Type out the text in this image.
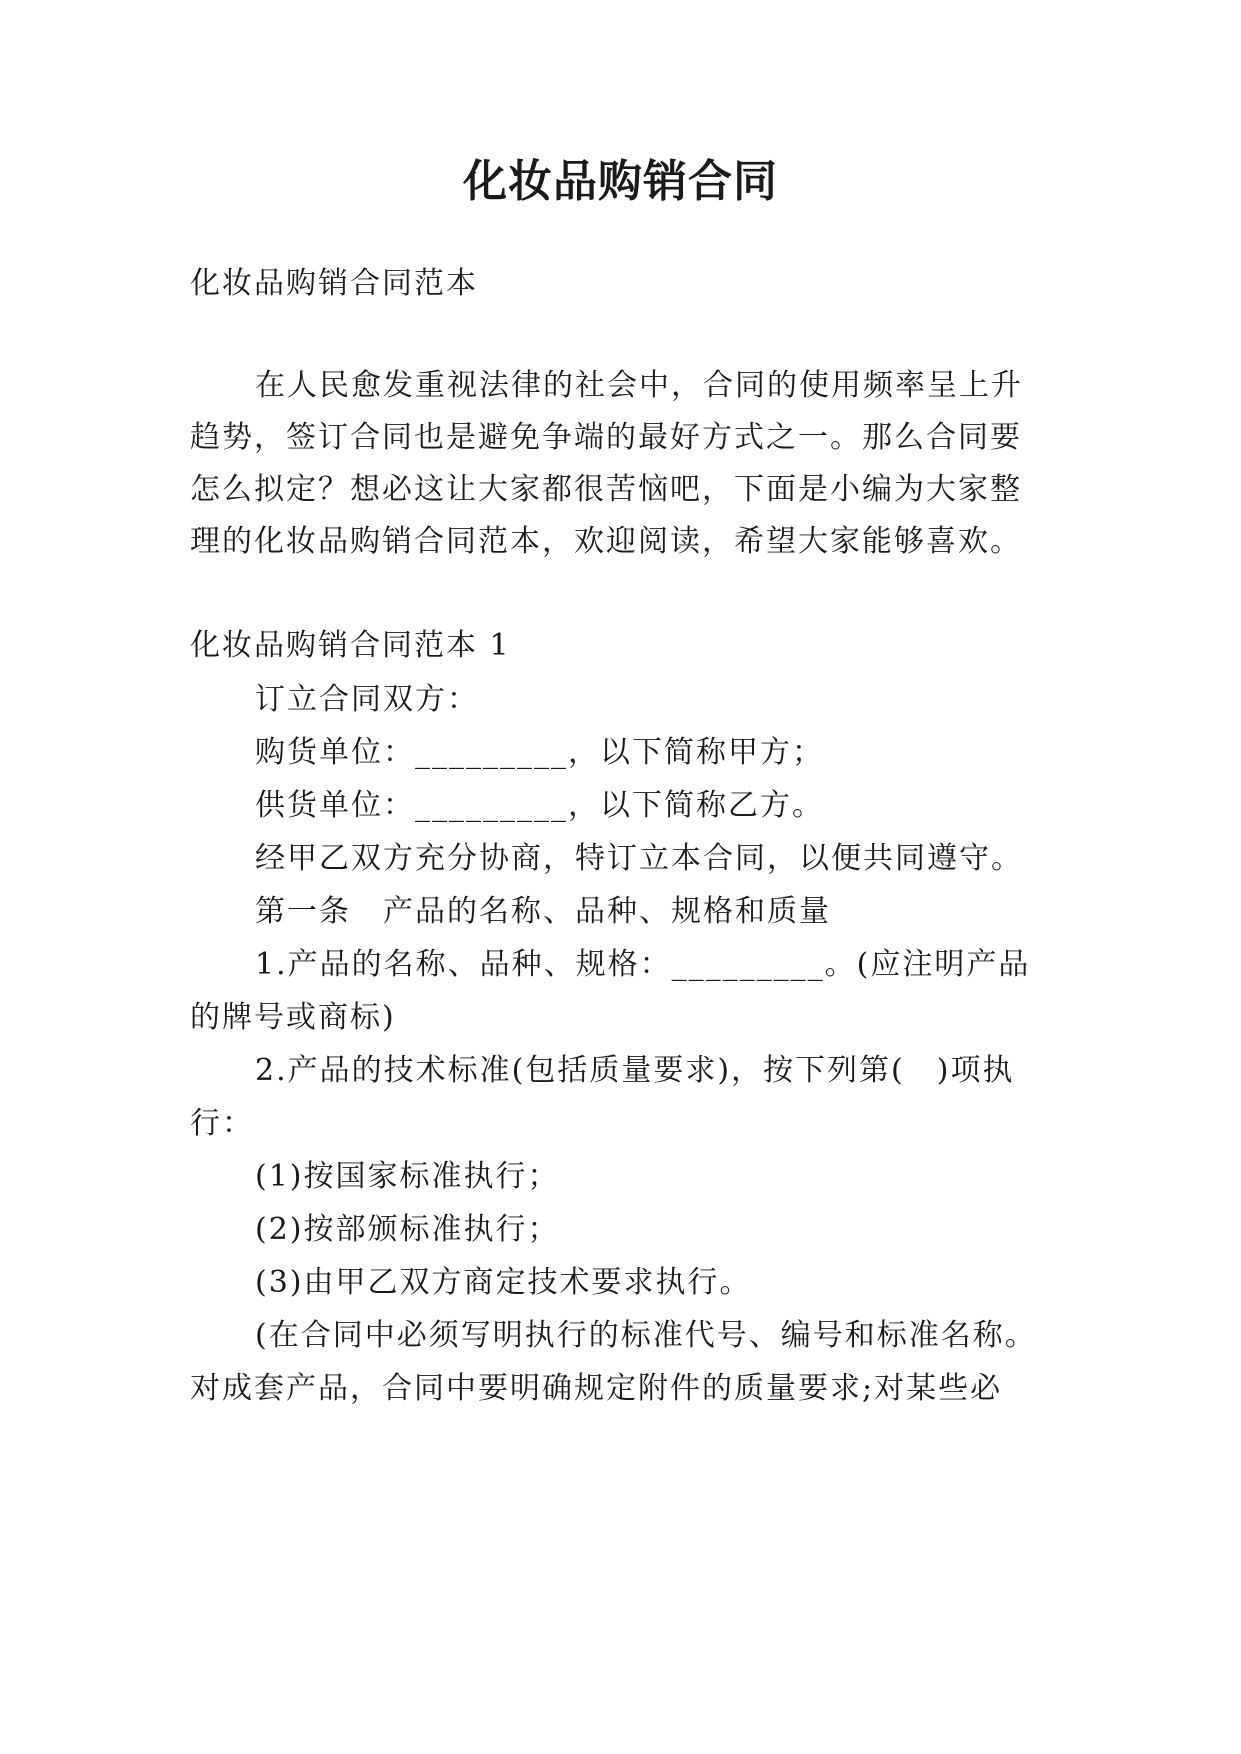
化妆品购销合同
化妆品购销合同范本
在人民愈发重视法律的社会中，合同的使用频率呈上升
趋势，签订合同也是避免争端的最好方式之一。那么合同要
怎么拟定？想必这让大家都很苦恼吧，下面是小编为大家整
理的化妆品购销合同范本，欢迎阅读，希望大家能够喜欢。
化妆品购销合同范本 1
订立合同双方：
购货单位：_________，以下简称甲方；
供货单位：_________，以下简称乙方。
经甲乙双方充分协商，特订立本合同，以便共同遵守。
第一条　产品的名称、品种、规格和质量
1.产品的名称、品种、规格：_________。(应注明产品
的牌号或商标)
2.产品的技术标准(包括质量要求)，按下列第(　)项执
行：
(1)按国家标准执行；
(2)按部颁标准执行；
(3)由甲乙双方商定技术要求执行。
(在合同中必须写明执行的标准代号、编号和标准名称。
对成套产品，合同中要明确规定附件的质量要求;对某些必
